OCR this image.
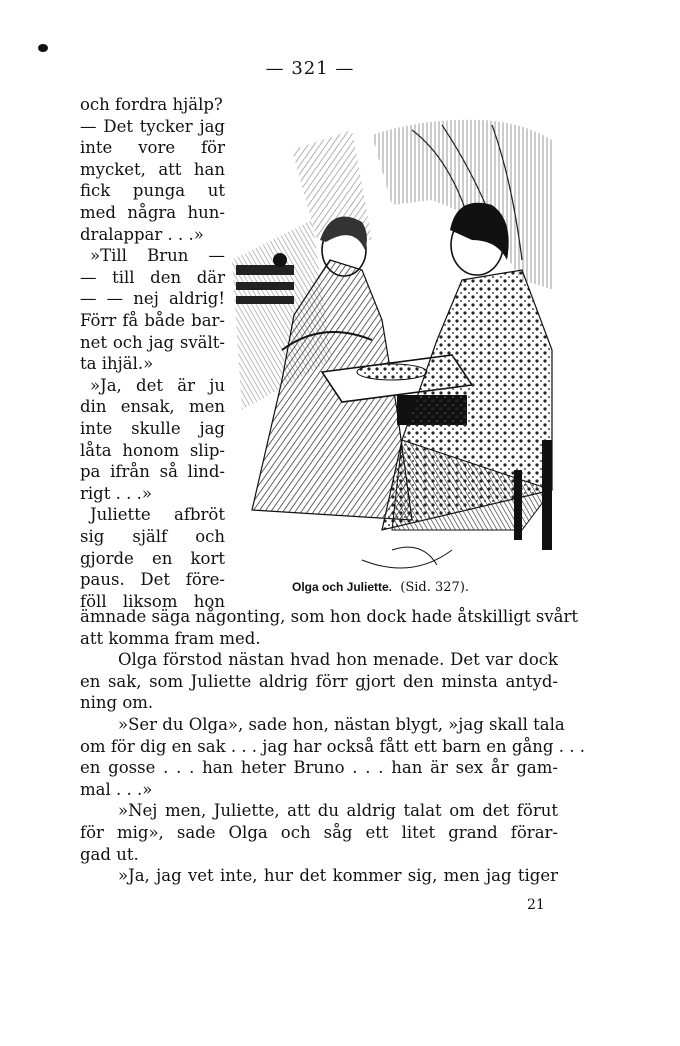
— 321 —
och fordra hjälp?
— Det tycker jag
inte vore för
mycket, att han
fick punga ut
med några hun-
dralappar . . .»
»Till Brun —
— till den där
— — nej aldrig!
Förr få både bar-
net och jag svält-
ta ihjäl.»
»Ja, det är ju
din ensak, men
inte skulle jag
låta honom slip-
pa ifrån så lind-
rigt . . .»
Juliette afbröt
sig själf och
gjorde en kort
paus. Det före-
föll liksom hon
Olga och Juliette. (Sid. 327).
ämnade säga någonting, som hon dock hade åtskilligt svårt
att komma fram med.
Olga förstod nästan hvad hon menade. Det var dock
en sak, som Juliette aldrig förr gjort den minsta antyd-
ning om.
»Ser du Olga», sade hon, nästan blygt, »jag skall tala
om för dig en sak . . . jag har också fått ett barn en gång . . .
en gosse . . . han heter Bruno . . . han är sex år gam-
mal . . .»
»Nej men, Juliette, att du aldrig talat om det förut
för mig», sade Olga och såg ett litet grand förar-
gad ut.
»Ja, jag vet inte, hur det kommer sig, men jag tiger
21
